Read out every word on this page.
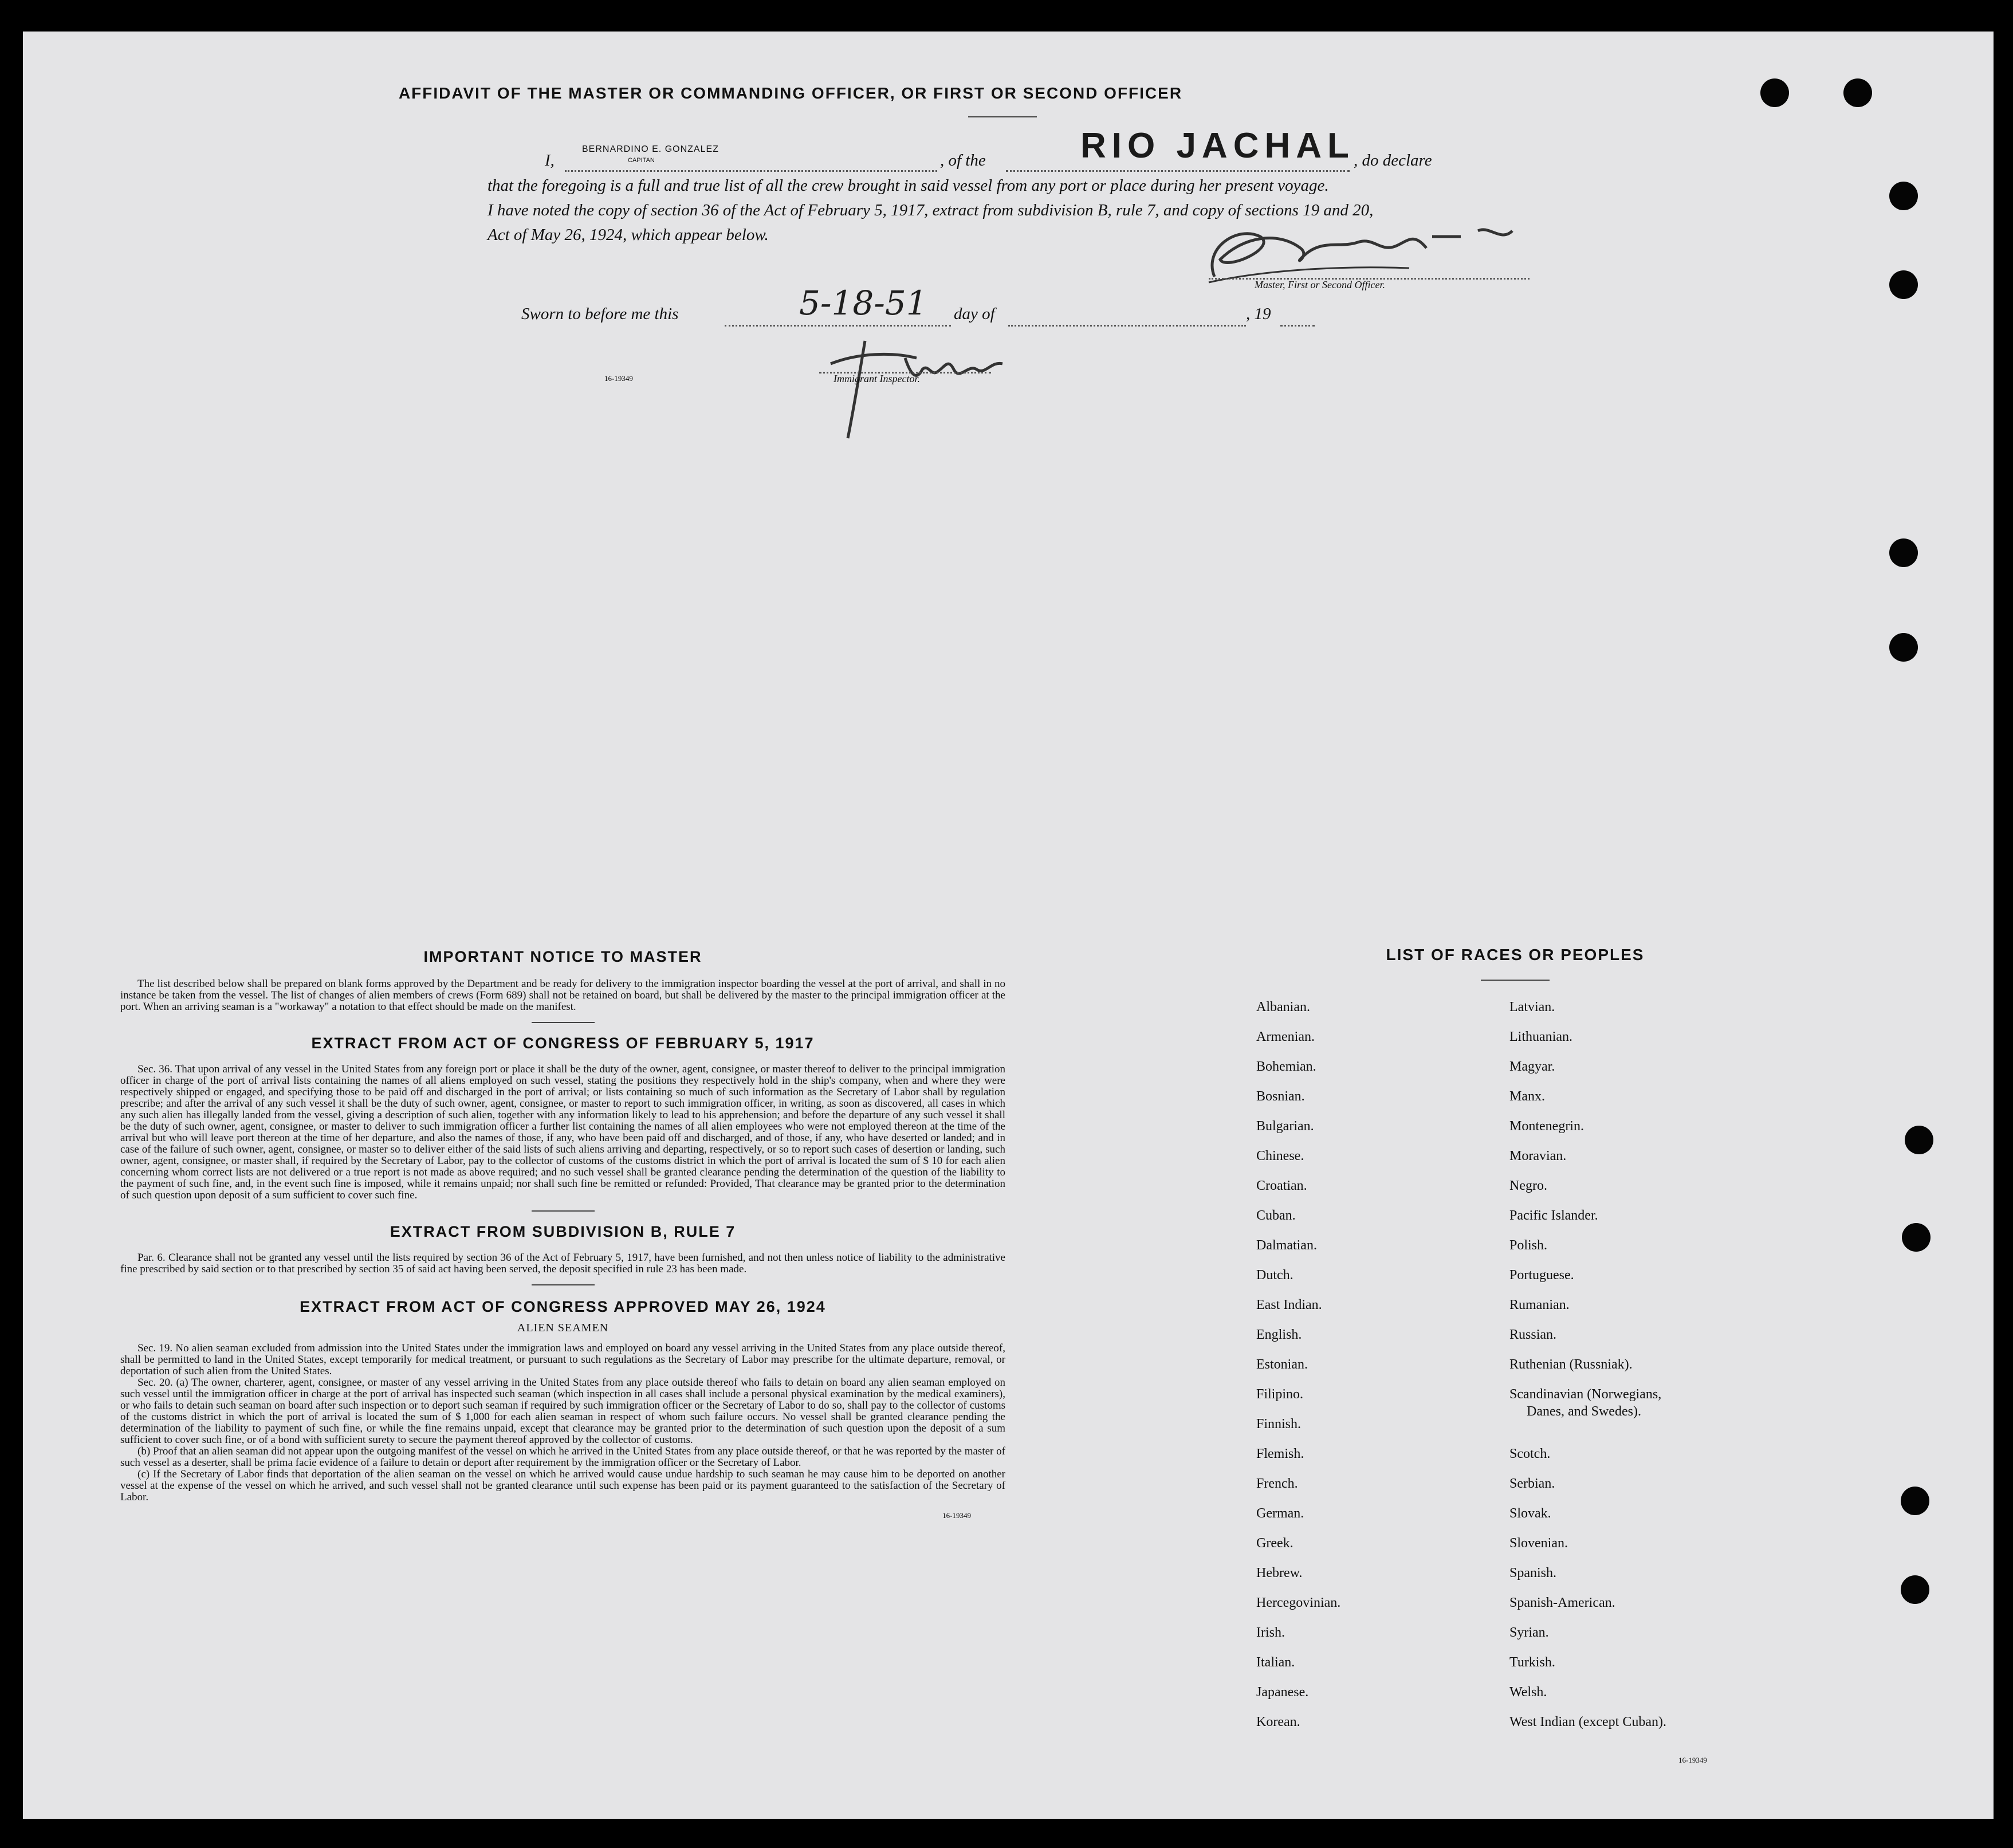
AFFIDAVIT OF THE MASTER OR COMMANDING OFFICER, OR FIRST OR SECOND OFFICER
I,
BERNARDINO E. GONZALEZ
CAPITAN	, of the	RIO JACHAL
, do declare
that the foregoing is a full and true list of all the crew brought in said vessel from any port or place during her present voyage.
I have noted the copy of section 36 of the Act of February 5, 1917, extract from subdivision B, rule 7, and copy of sections 19 and 20,
Act of May 26, 1924, which appear below.
Master, First or Second Officer.
Sworn to before me this	5-18-51 day of	, 19
Immigrant Inspector.
16-19349
IMPORTANT NOTICE TO MASTER

The list described below shall be prepared on blank forms approved by the Department and be ready for delivery to the immigration inspector boarding the vessel at the port of arrival, and shall in no instance be taken from the vessel. The list of changes of alien members of crews (Form 689) shall not be retained on board, but shall be delivered by the master to the principal immigration officer at the port. When an arriving seaman is a "workaway" a notation to that effect should be made on the manifest.

EXTRACT FROM ACT OF CONGRESS OF FEBRUARY 5, 1917

Sec. 36. That upon arrival of any vessel in the United States from any foreign port or place it shall be the duty of the owner, agent, consignee, or master thereof to deliver to the principal immigration officer in charge of the port of arrival lists containing the names of all aliens employed on such vessel, stating the positions they respectively hold in the ship's company, when and where they were respectively shipped or engaged, and specifying those to be paid off and discharged in the port of arrival; or lists containing so much of such information as the Secretary of Labor shall by regulation prescribe; and after the arrival of any such vessel it shall be the duty of such owner, agent, consignee, or master to report to such immigration officer, in writing, as soon as discovered, all cases in which any such alien has illegally landed from the vessel, giving a description of such alien, together with any information likely to lead to his apprehension; and before the departure of any such vessel it shall be the duty of such owner, agent, consignee, or master to deliver to such immigration officer a further list containing the names of all alien employees who were not employed thereon at the time of the arrival but who will leave port thereon at the time of her departure, and also the names of those, if any, who have been paid off and discharged, and of those, if any, who have deserted or landed; and in case of the failure of such owner, agent, consignee, or master so to deliver either of the said lists of such aliens arriving and departing, respectively, or so to report such cases of desertion or landing, such owner, agent, consignee, or master shall, if required by the Secretary of Labor, pay to the collector of customs of the customs district in which the port of arrival is located the sum of $ 10 for each alien concerning whom correct lists are not delivered or a true report is not made as above required; and no such vessel shall be granted clearance pending the determination of the question of the liability to the payment of such fine, and, in the event such fine is imposed, while it remains unpaid; nor shall such fine be remitted or refunded: Provided, That clearance may be granted prior to the determination of such question upon deposit of a sum sufficient to cover such fine.

EXTRACT FROM SUBDIVISION B, RULE 7

Par. 6. Clearance shall not be granted any vessel until the lists required by section 36 of the Act of February 5, 1917, have been furnished, and not then unless notice of liability to the administrative fine prescribed by said section or to that prescribed by section 35 of said act having been served, the deposit specified in rule 23 has been made.

EXTRACT FROM ACT OF CONGRESS APPROVED MAY 26, 1924
ALIEN SEAMEN

Sec. 19. No alien seaman excluded from admission into the United States under the immigration laws and employed on board any vessel arriving in the United States from any place outside thereof, shall be permitted to land in the United States, except temporarily for medical treatment, or pursuant to such regulations as the Secretary of Labor may prescribe for the ultimate departure, removal, or deportation of such alien from the United States.

Sec. 20. (a) The owner, charterer, agent, consignee, or master of any vessel arriving in the United States from any place outside thereof who fails to detain on board any alien seaman employed on such vessel until the immigration officer in charge at the port of arrival has inspected such seaman (which inspection in all cases shall include a personal physical examination by the medical examiners), or who fails to detain such seaman on board after such inspection or to deport such seaman if required by such immigration officer or the Secretary of Labor to do so, shall pay to the collector of customs of the customs district in which the port of arrival is located the sum of $ 1,000 for each alien seaman in respect of whom such failure occurs. No vessel shall be granted clearance pending the determination of the liability to payment of such fine, or while the fine remains unpaid, except that clearance may be granted prior to the determination of such question upon the deposit of a sum sufficient to cover such fine, or of a bond with sufficient surety to secure the payment thereof approved by the collector of customs.

(b) Proof that an alien seaman did not appear upon the outgoing manifest of the vessel on which he arrived in the United States from any place outside thereof, or that he was reported by the master of such vessel as a deserter, shall be prima facie evidence of a failure to detain or deport after requirement by the immigration officer or the Secretary of Labor.

(c) If the Secretary of Labor finds that deportation of the alien seaman on the vessel on which he arrived would cause undue hardship to such seaman he may cause him to be deported on another vessel at the expense of the vessel on which he arrived, and such vessel shall not be granted clearance until such expense has been paid or its payment guaranteed to the satisfaction of the Secretary of Labor.

16-19349
LIST OF RACES OR PEOPLES
Albanian.
Armenian.
Bohemian.
Bosnian.
Bulgarian.
Chinese.
Croatian.
Cuban.
Dalmatian.
Dutch.
East Indian.
English.
Estonian.
Filipino.
Finnish.
Flemish.
French.
German.
Greek.
Hebrew.
Hercegovinian.
Irish.
Italian.
Japanese.
Korean.
Latvian.
Lithuanian.
Magyar.
Manx.
Montenegrin.
Moravian.
Negro.
Pacific Islander.
Polish.
Portuguese.
Rumanian.
Russian.
Ruthenian (Russniak).
Scandinavian (Norwegians,
Scotch.
Serbian.
Slovak.
Slovenian.
Spanish.
Spanish-American.
Syrian.
Turkish.
Welsh.
West Indian (except Cuban).
Danes, and Swedes).
16-19349
